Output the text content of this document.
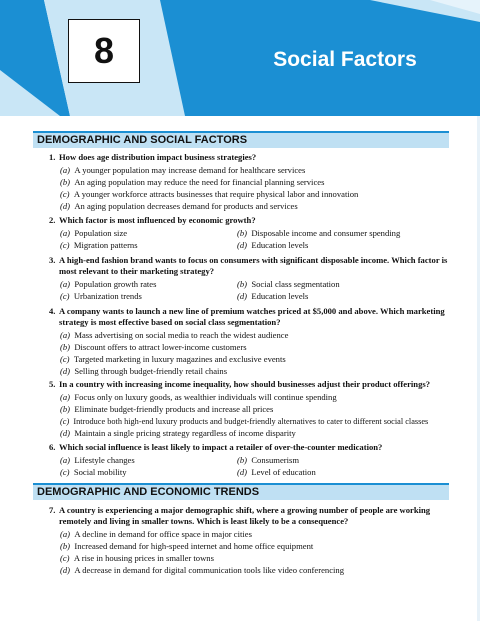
8	Social Factors
DEMOGRAPHIC AND SOCIAL FACTORS
1. How does age distribution impact business strategies?
(a) A younger population may increase demand for healthcare services
(b) An aging population may reduce the need for financial planning services
(c) A younger workforce attracts businesses that require physical labor and innovation
(d) An aging population decreases demand for products and services
2. Which factor is most influenced by economic growth?
(a) Population size	(b) Disposable income and consumer spending
(c) Migration patterns	(d) Education levels
3. A high-end fashion brand wants to focus on consumers with significant disposable income. Which factor is most relevant to their marketing strategy?
(a) Population growth rates	(b) Social class segmentation
(c) Urbanization trends	(d) Education levels
4. A company wants to launch a new line of premium watches priced at $5,000 and above. Which marketing strategy is most effective based on social class segmentation?
(a) Mass advertising on social media to reach the widest audience
(b) Discount offers to attract lower-income customers
(c) Targeted marketing in luxury magazines and exclusive events
(d) Selling through budget-friendly retail chains
5. In a country with increasing income inequality, how should businesses adjust their product offerings?
(a) Focus only on luxury goods, as wealthier individuals will continue spending
(b) Eliminate budget-friendly products and increase all prices
(c) Introduce both high-end luxury products and budget-friendly alternatives to cater to different social classes
(d) Maintain a single pricing strategy regardless of income disparity
6. Which social influence is least likely to impact a retailer of over-the-counter medication?
(a) Lifestyle changes	(b) Consumerism
(c) Social mobility	(d) Level of education
DEMOGRAPHIC AND ECONOMIC TRENDS
7. A country is experiencing a major demographic shift, where a growing number of people are working remotely and living in smaller towns. Which is least likely to be a consequence?
(a) A decline in demand for office space in major cities
(b) Increased demand for high-speed internet and home office equipment
(c) A rise in housing prices in smaller towns
(d) A decrease in demand for digital communication tools like video conferencing
